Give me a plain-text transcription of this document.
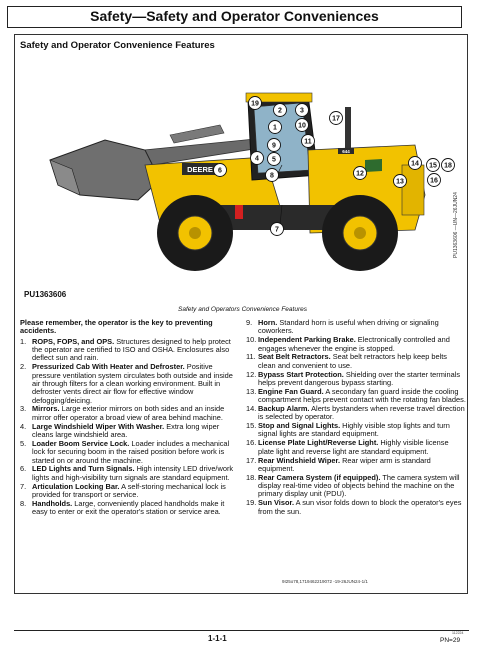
Safety—Safety and Operator Conveniences
Safety and Operator Convenience Features
DEERE
644
19
2	3
10
1
17
11
9
4 5
6
8	12
14 15 18
13	16
7	PU1363606 —UN—26JUN24
PU1363606
Safety and Operators Convenience Features
Please remember, the operator is the key to preventing accidents.
1. ROPS, FOPS, and OPS. Structures designed to help protect the operator are certified to ISO and OSHA. Enclosures also deflect sun and rain.
2. Pressurized Cab With Heater and Defroster. Positive pressure ventilation system circulates both outside and inside air through filters for a clean working environment. Built in defroster vents direct air flow for effective window defogging/deicing.
3. Mirrors. Large exterior mirrors on both sides and an inside mirror offer operator a broad view of area behind machine.
4. Large Windshield Wiper With Washer. Extra long wiper cleans large windshield area.
5. Loader Boom Service Lock. Loader includes a mechanical lock for securing boom in the raised position before work is started on or around the machine.
6. LED Lights and Turn Signals. High intensity LED drive/work lights and high-visibility turn signals are standard equipment.
7. Articulation Locking Bar. A self-storing mechanical lock is provided for transport or service.
8. Handholds. Large, conveniently placed handholds make it easy to enter or exit the operator's station or service area.
9. Horn. Standard horn is useful when driving or signaling coworkers.
10. Independent Parking Brake. Electronically controlled and engages whenever the engine is stopped.
11. Seat Belt Retractors. Seat belt retractors help keep belts clean and convenient to use.
12. Bypass Start Protection. Shielding over the starter terminals helps prevent dangerous bypass starting.
13. Engine Fan Guard. A secondary fan guard inside the cooling compartment helps prevent contact with the rotating fan blades.
14. Backup Alarm. Alerts bystanders when reverse travel direction is selected by operator.
15. Stop and Signal Lights. Highly visible stop lights and turn signal lights are standard equipment.
16. License Plate Light/Reverse Light. Highly visible license plate light and reverse light are standard equipment.
17. Rear Windshield Wiper. Rear wiper arm is standard equipment.
18. Rear Camera System (if equipped). The camera system will display real-time video of objects behind the machine on the primary display unit (PDU).
19. Sun Visor. A sun visor folds down to block the operator's eyes from the sun.
9I25o78,1719462219072 -19-26JUN24-1/1
1-1-1
112224
PN=29
